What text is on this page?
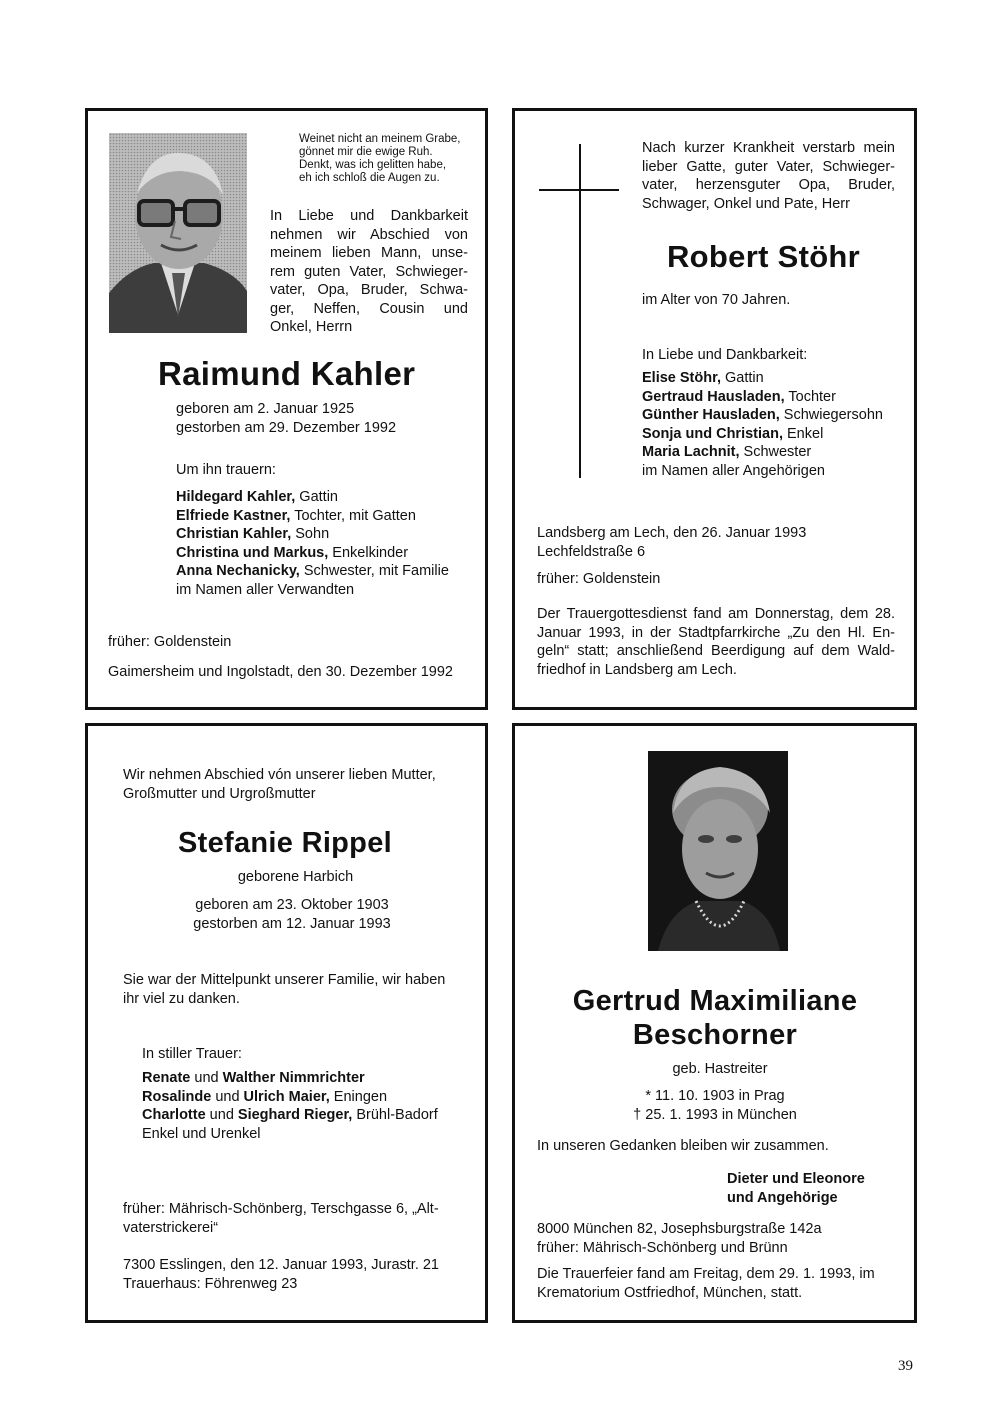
Weinet nicht an meinem Grabe,
gönnet mir die ewige Ruh.
Denkt, was ich gelitten habe,
eh ich schloß die Augen zu.
In Liebe und Dankbarkeit
nehmen wir Abschied von
meinem lieben Mann, unse-
rem guten Vater, Schwieger-
vater, Opa, Bruder, Schwa-
ger, Neffen, Cousin und
Onkel, Herrn
Raimund Kahler
geboren am 2. Januar 1925
gestorben am 29. Dezember 1992
Um ihn trauern:
Hildegard Kahler, Gattin
Elfriede Kastner, Tochter, mit Gatten
Christian Kahler, Sohn
Christina und Markus, Enkelkinder
Anna Nechanicky, Schwester, mit Familie
im Namen aller Verwandten
früher: Goldenstein
Gaimersheim und Ingolstadt, den 30. Dezember 1992
Nach kurzer Krankheit verstarb mein
lieber Gatte, guter Vater, Schwieger-
vater, herzensguter Opa, Bruder,
Schwager, Onkel und Pate, Herr
Robert Stöhr
im Alter von 70 Jahren.
In Liebe und Dankbarkeit:
Elise Stöhr, Gattin
Gertraud Hausladen, Tochter
Günther Hausladen, Schwiegersohn
Sonja und Christian, Enkel
Maria Lachnit, Schwester
im Namen aller Angehörigen
Landsberg am Lech, den 26. Januar 1993
Lechfeldstraße 6
früher: Goldenstein
Der Trauergottesdienst fand am Donnerstag, dem 28.
Januar 1993, in der Stadtpfarrkirche „Zu den Hl. En-
geln“ statt; anschließend Beerdigung auf dem Wald-
friedhof in Landsberg am Lech.
Wir nehmen Abschied vón unserer lieben Mutter,
Großmutter und Urgroßmutter
Stefanie Rippel
geborene Harbich
geboren am 23. Oktober 1903
gestorben am 12. Januar 1993
Sie war der Mittelpunkt unserer Familie, wir haben
ihr viel zu danken.
In stiller Trauer:
Renate und Walther Nimmrichter
Rosalinde und Ulrich Maier, Eningen
Charlotte und Sieghard Rieger, Brühl-Badorf
Enkel und Urenkel
früher: Mährisch-Schönberg, Terschgasse 6, „Alt-
vaterstrickerei“
7300 Esslingen, den 12. Januar 1993, Jurastr. 21
Trauerhaus: Föhrenweg 23
Gertrud Maximiliane
Beschorner
geb. Hastreiter
* 11. 10. 1903 in Prag
† 25. 1. 1993 in München
In unseren Gedanken bleiben wir zusammen.
Dieter und Eleonore
und Angehörige
8000 München 82, Josephsburgstraße 142a
früher: Mährisch-Schönberg und Brünn
Die Trauerfeier fand am Freitag, dem 29. 1. 1993, im
Krematorium Ostfriedhof, München, statt.
39
